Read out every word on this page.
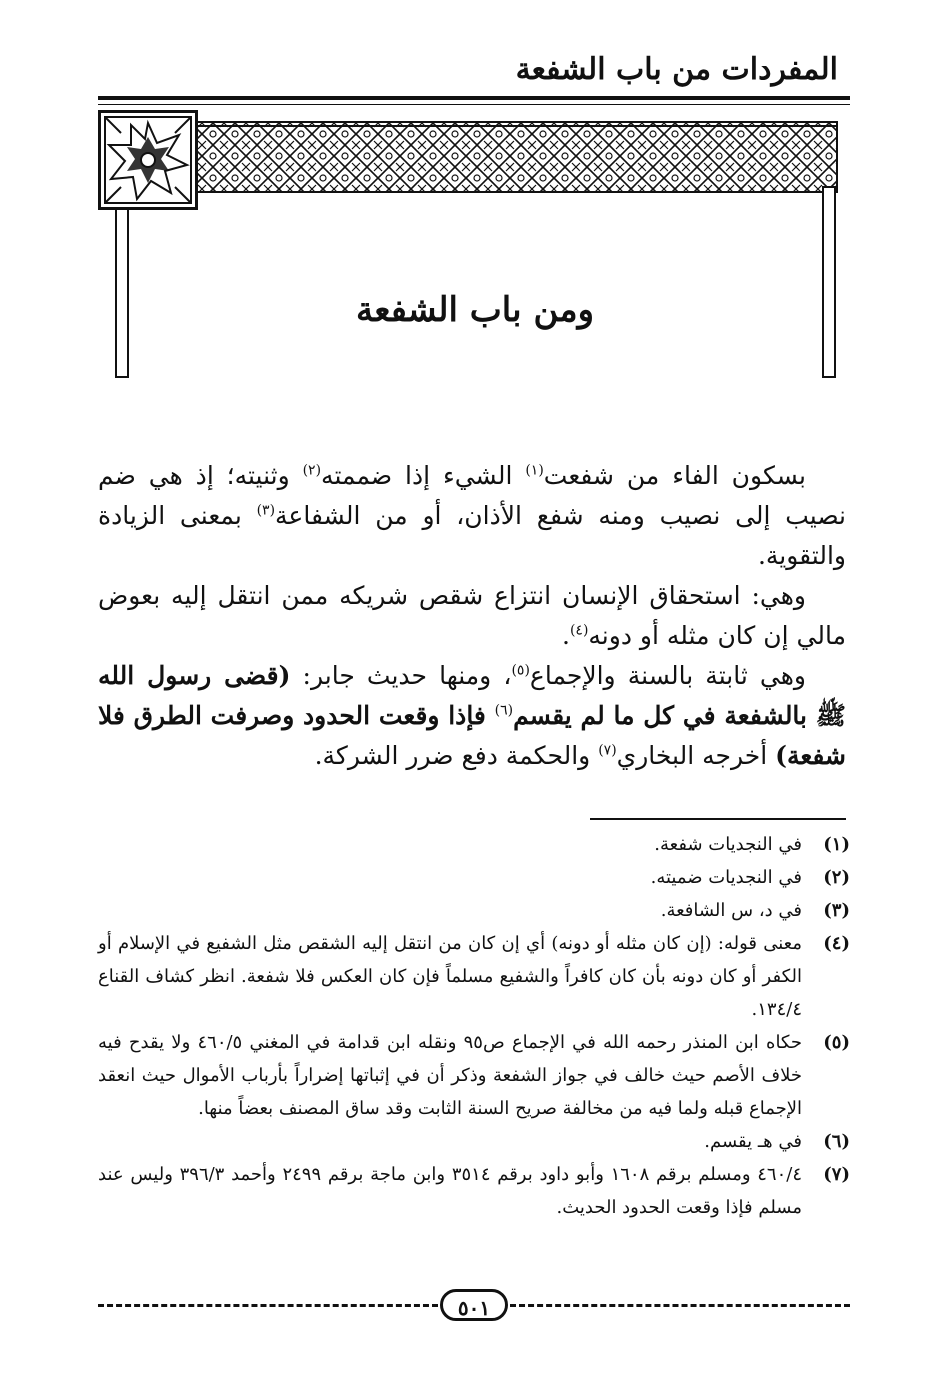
المفردات من باب الشفعة
ومن باب الشفعة

بسكون الفاء من شفعت$^{(١)}$ الشيء إذا ضممته$^{(٢)}$ وثنيته؛ إذ هي ضم نصيب إلى نصيب ومنه شفع الأذان، أو من الشفاعة$^{(٣)}$ بمعنى الزيادة والتقوية.

وهي: استحقاق الإنسان انتزاع شقص شريكه ممن انتقل إليه بعوض مالي إن كان مثله أو دونه$^{(٤)}$.

وهي ثابتة بالسنة والإجماع$^{(٥)}$، ومنها حديث جابر: (قضى رسول الله ﷺ بالشفعة في كل ما لم يقسم$^{(٦)}$ فإذا وقعت الحدود وصرفت الطرق فلا شفعة) أخرجه البخاري$^{(٧)}$ والحكمة دفع ضرر الشركة.

(١)
في النجديات شفعة.
(٢)
في النجديات ضميته.
(٣)
في د، س الشافعة.
(٤)
معنى قوله: (إن كان مثله أو دونه) أي إن كان من انتقل إليه الشقص مثل الشفيع في الإسلام أو الكفر أو كان دونه بأن كان كافراً والشفيع مسلماً فإن كان العكس فلا شفعة. انظر كشاف القناع ١٣٤/٤.
(٥)
حكاه ابن المنذر رحمه الله في الإجماع ص٩٥ ونقله ابن قدامة في المغني ٤٦٠/٥ ولا يقدح فيه خلاف الأصم حيث خالف في جواز الشفعة وذكر أن في إثباتها إضراراً بأرباب الأموال حيث انعقد الإجماع قبله ولما فيه من مخالفة صريح السنة الثابت وقد ساق المصنف بعضاً منها.
(٦)
في هـ يقسم.
(٧)
٤٦٠/٤ ومسلم برقم ١٦٠٨ وأبو داود برقم ٣٥١٤ وابن ماجة برقم ٢٤٩٩ وأحمد ٣٩٦/٣ وليس عند مسلم فإذا وقعت الحدود الحديث.
٥٠١
